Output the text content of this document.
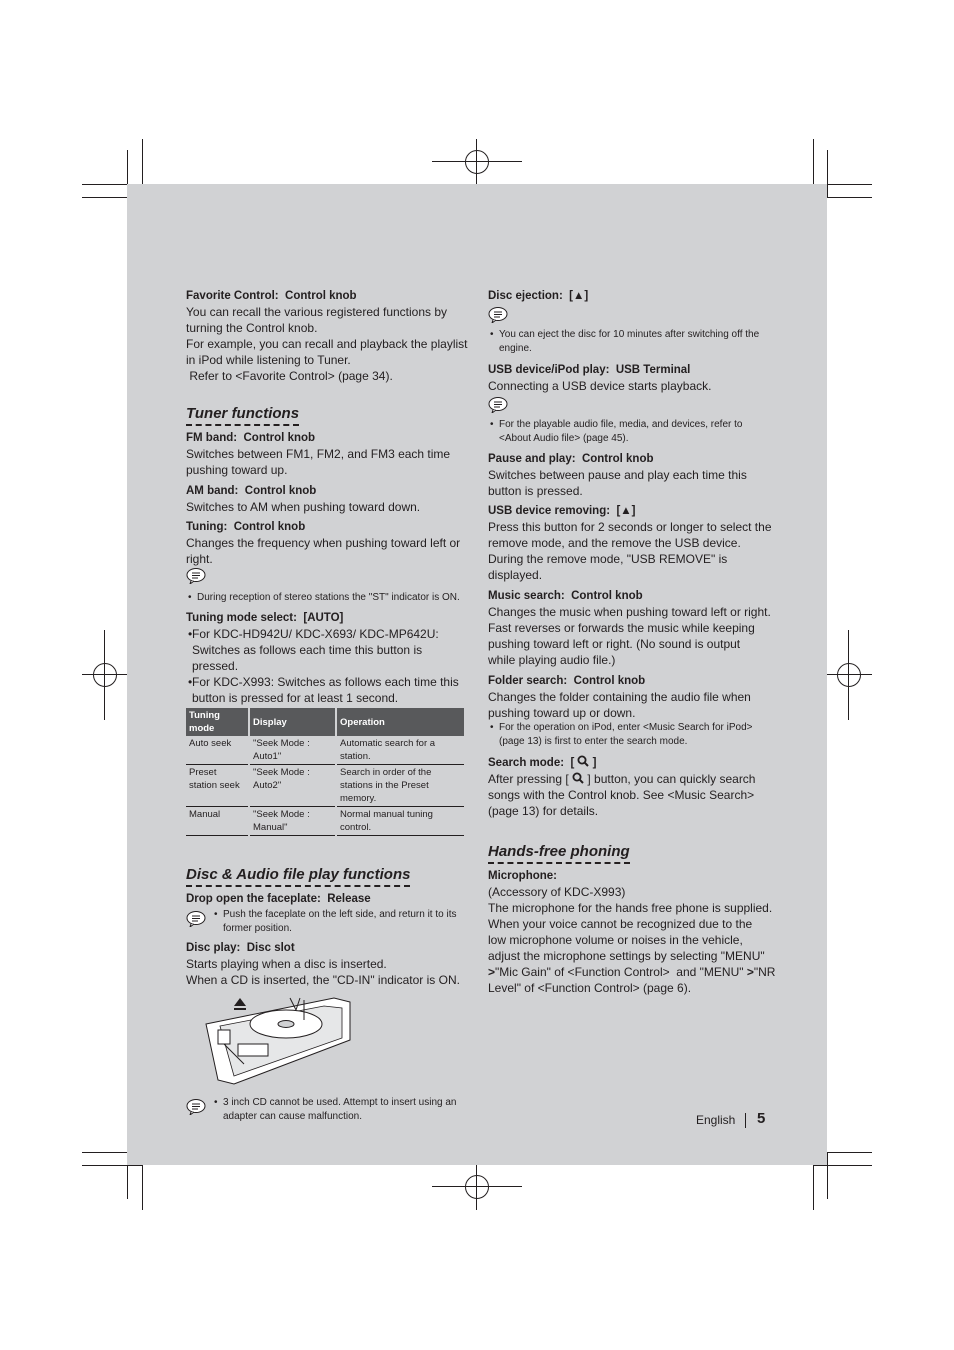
Favorite Control: Control knob

You can recall the various registered functions by

turning the Control knob.

For example, you can recall and playback the playlist

in iPod while listening to Tuner.

Refer to <Favorite Control> (page 34).

Tuner functions

FM band: Control knob

Switches between FM1, FM2, and FM3 each time

pushing toward up.

AM band: Control knob

Switches to AM when pushing toward down.

Tuning: Control knob

Changes the frequency when pushing toward left or

right.

• During reception of stereo stations the "ST" indicator is ON.

Tuning mode select: [AUTO]

• For KDC-HD942U/ KDC-X693/ KDC-MP642U:
Switches as follows each time this button is pressed.

• For KDC-X993: Switches as follows each time this
button is pressed for at least 1 second.

Tuning mode	Display	Operation
Auto seek	"Seek Mode : Auto1"	Automatic search for a station.
Preset station seek	"Seek Mode : Auto2"	Search in order of the stations in the Preset memory.
Manual	"Seek Mode : Manual"	Normal manual tuning control.
Disc & Audio file play functions

Drop open the faceplate: Release

• Push the faceplate on the left side, and return it to its former position.

Disc play: Disc slot

Starts playing when a disc is inserted.

When a CD is inserted, the "CD-IN" indicator is ON.

• 3 inch CD cannot be used. Attempt to insert using an adapter can cause malfunction.

Disc ejection: [▲]

• You can eject the disc for 10 minutes after switching off the engine.

USB device/iPod play: USB Terminal

Connecting a USB device starts playback.

• For the playable audio file, media, and devices, refer to <About Audio file> (page 45).

Pause and play: Control knob

Switches between pause and play each time this

button is pressed.

USB device removing: [▲]

Press this button for 2 seconds or longer to select the

remove mode, and the remove the USB device.

During the remove mode, "USB REMOVE" is displayed.

Music search: Control knob

Changes the music when pushing toward left or right.

Fast reverses or forwards the music while keeping

pushing toward left or right. (No sound is output

while playing audio file.)

Folder search: Control knob

Changes the folder containing the audio file when

pushing toward up or down.

• For the operation on iPod, enter <Music Search for iPod> (page 13) is first to enter the search mode.

Search mode: [  ]

After pressing [ ] button, you can quickly search

songs with the Control knob. See <Music Search>

(page 13) for details.

Hands-free phoning

Microphone:

(Accessory of KDC-X993)

The microphone for the hands free phone is supplied.

When your voice cannot be recognized due to the

low microphone volume or noises in the vehicle,

adjust the microphone settings by selecting "MENU"

>"Mic Gain" of <Function Control>  and "MENU" >"NR

Level" of <Function Control> (page 6).

English 5
